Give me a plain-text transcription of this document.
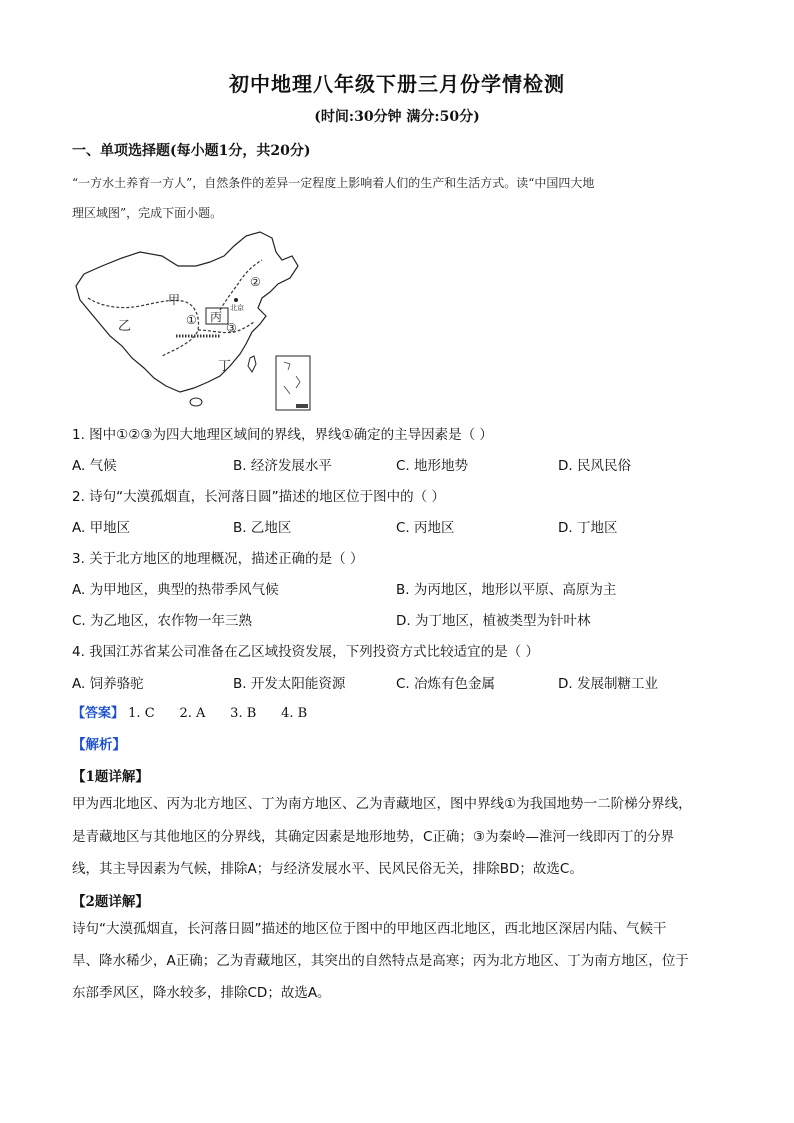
初中地理八年级下册三月份学情检测
(时间:30分钟 满分:50分)
一、单项选择题(每小题1分，共20分)
“一方水土养育一方人”，自然条件的差异一定程度上影响着人们的生产和生活方式。读“中国四大地
理区域图”，完成下面小题。
北京
①
②
③
甲
乙
丙
丁
1. 图中①②③为四大地理区域间的界线，界线①确定的主导因素是（ ）
A. 气候	B. 经济发展水平	C. 地形地势	D. 民风民俗
2. 诗句“大漠孤烟直，长河落日圆”描述的地区位于图中的（ ）
A. 甲地区	B. 乙地区	C. 丙地区	D. 丁地区
3. 关于北方地区的地理概况，描述正确的是（ ）
A. 为甲地区，典型的热带季风气候	B. 为丙地区，地形以平原、高原为主
C. 为乙地区，农作物一年三熟	D. 为丁地区，植被类型为针叶林
4. 我国江苏省某公司准备在乙区域投资发展，下列投资方式比较适宜的是（ ）
A. 饲养骆驼	B. 开发太阳能资源	C. 冶炼有色金属	D. 发展制糖工业
【答案】 1. C 2. A 3. B 4. B
【解析】
【1题详解】
甲为西北地区、丙为北方地区、丁为南方地区、乙为青藏地区，图中界线①为我国地势一二阶梯分界线，
是青藏地区与其他地区的分界线，其确定因素是地形地势，C正确；③为秦岭—淮河一线即丙丁的分界
线，其主导因素为气候，排除A；与经济发展水平、民风民俗无关，排除BD；故选C。
【2题详解】
诗句“大漠孤烟直，长河落日圆”描述的地区位于图中的甲地区西北地区，西北地区深居内陆、气候干
旱、降水稀少，A正确；乙为青藏地区，其突出的自然特点是高寒；丙为北方地区、丁为南方地区，位于
东部季风区，降水较多，排除CD；故选A。
